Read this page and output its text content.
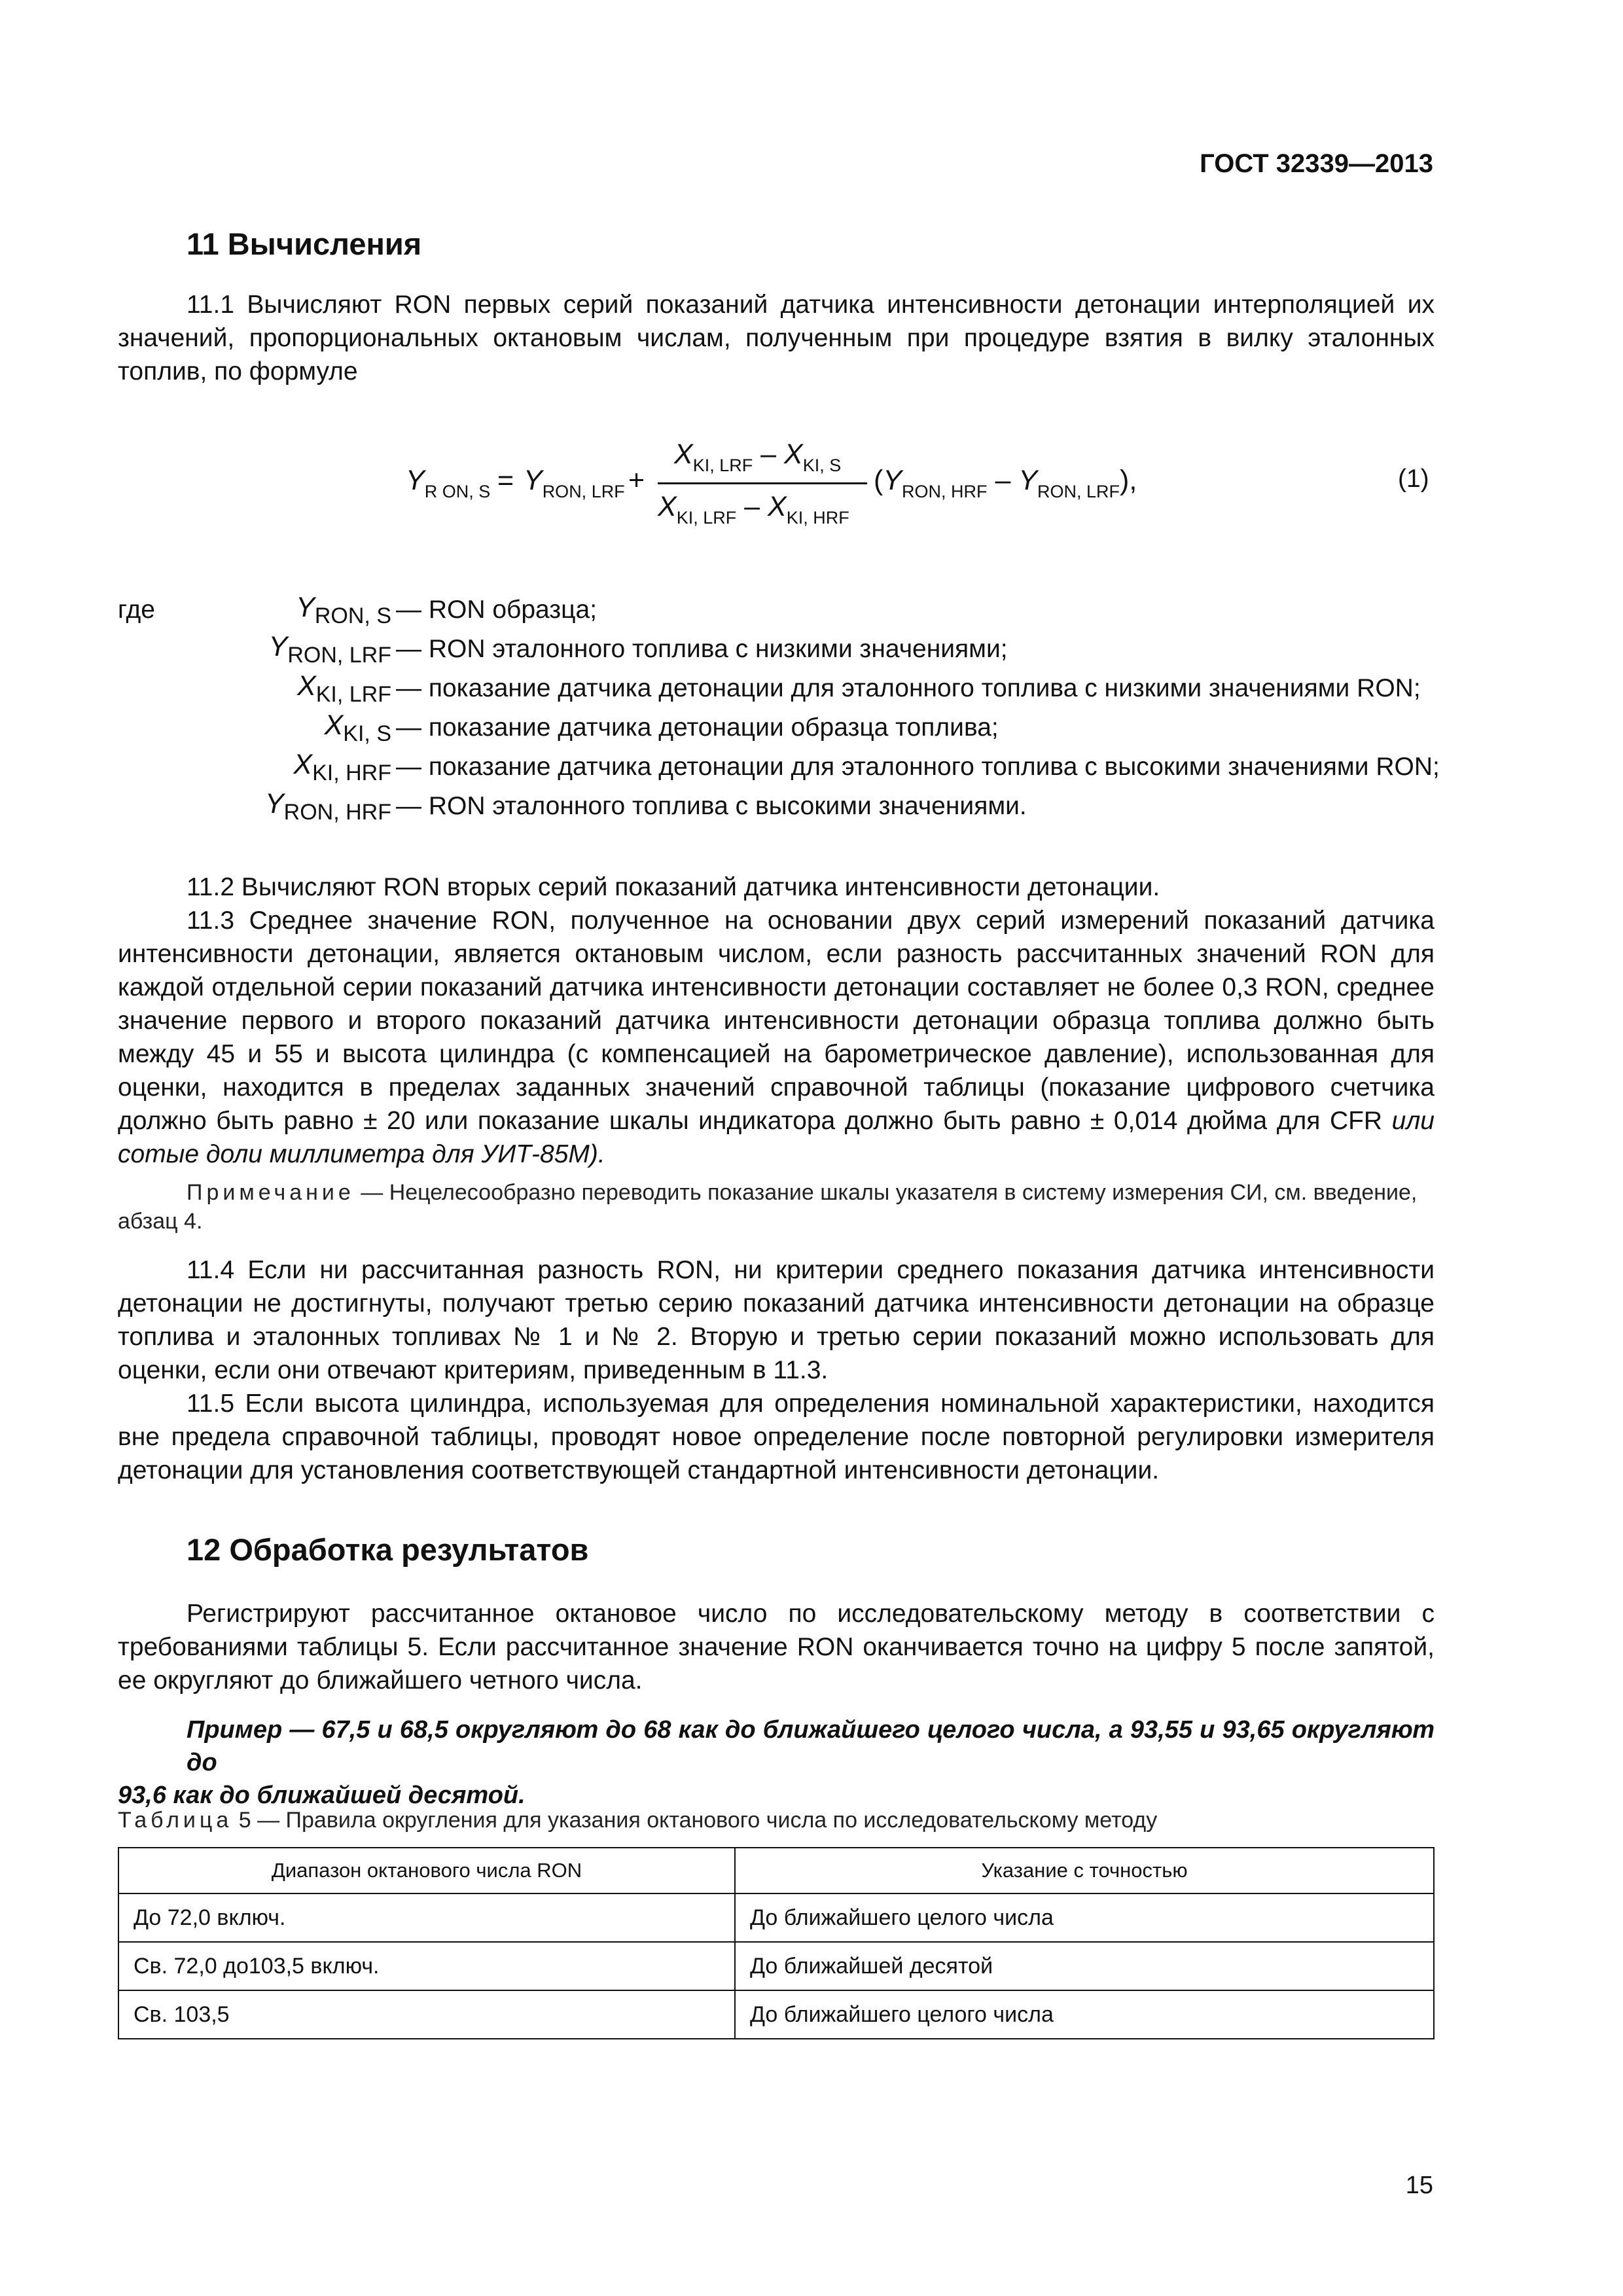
ГОСТ 32339—2013
11 Вычисления

11.1 Вычисляют RON первых серий показаний датчика интенсивности детонации интерполяцией их значений, пропорциональных октановым числам, полученным при процедуре взятия в вилку эталонных топлив, по формуле

$Y_{R ON, S} = Y_{RON, LRF}$ +
$X_{KI, LRF} - X_{KI, S}$
$X_{KI, LRF} - X_{KI, HRF}$
$(Y_{RON, HRF} - Y_{RON, LRF})$,	(1)
где	$Y_{RON, S}$ — RON образца;
$Y_{RON, LRF}$ — RON эталонного топлива с низкими значениями;
$X_{KI, LRF}$ — показание датчика детонации для эталонного топлива с низкими значениями RON;
$X_{KI, S}$ — показание датчика детонации образца топлива;
$X_{KI, HRF}$ — показание датчика детонации для эталонного топлива с высокими значениями RON;
$Y_{RON, HRF}$ — RON эталонного топлива с высокими значениями.

11.2 Вычисляют RON вторых серий показаний датчика интенсивности детонации.

11.3 Среднее значение RON, полученное на основании двух серий измерений показаний датчика интенсивности детонации, является октановым числом, если разность рассчитанных значений RON для каждой отдельной серии показаний датчика интенсивности детонации составляет не более 0,3 RON, среднее значение первого и второго показаний датчика интенсивности детонации образца топлива должно быть между 45 и 55 и высота цилиндра (с компенсацией на барометрическое давление), использованная для оценки, находится в пределах заданных значений справочной таблицы (показание цифрового счетчика должно быть равно ± 20 или показание шкалы индикатора должно быть равно ± 0,014 дюйма для CFR или сотые доли миллиметра для УИТ-85М).

Примечание — Нецелесообразно переводить показание шкалы указателя в систему измерения СИ, см. введение, абзац 4.

11.4 Если ни рассчитанная разность RON, ни критерии среднего показания датчика интенсивности детонации не достигнуты, получают третью серию показаний датчика интенсивности детонации на образце топлива и эталонных топливах № 1 и № 2. Вторую и третью серии показаний можно использовать для оценки, если они отвечают критериям, приведенным в 11.3.

11.5 Если высота цилиндра, используемая для определения номинальной характеристики, находится вне предела справочной таблицы, проводят новое определение после повторной регулировки измерителя детонации для установления соответствующей стандартной интенсивности детонации.

12 Обработка результатов

Регистрируют рассчитанное октановое число по исследовательскому методу в соответствии с требованиями таблицы 5. Если рассчитанное значение RON оканчивается точно на цифру 5 после запятой, ее округляют до ближайшего четного числа.

Пример — 67,5 и 68,5 округляют до 68 как до ближайшего целого числа, а 93,55 и 93,65 округляют до

93,6 как до ближайшей десятой.

Таблица 5 — Правила округления для указания октанового числа по исследовательскому методу
Диапазон октанового числа RON	Указание с точностью
До 72,0 включ.	До ближайшего целого числа
Св. 72,0 до103,5 включ.	До ближайшей десятой
Св. 103,5	До ближайшего целого числа
15
